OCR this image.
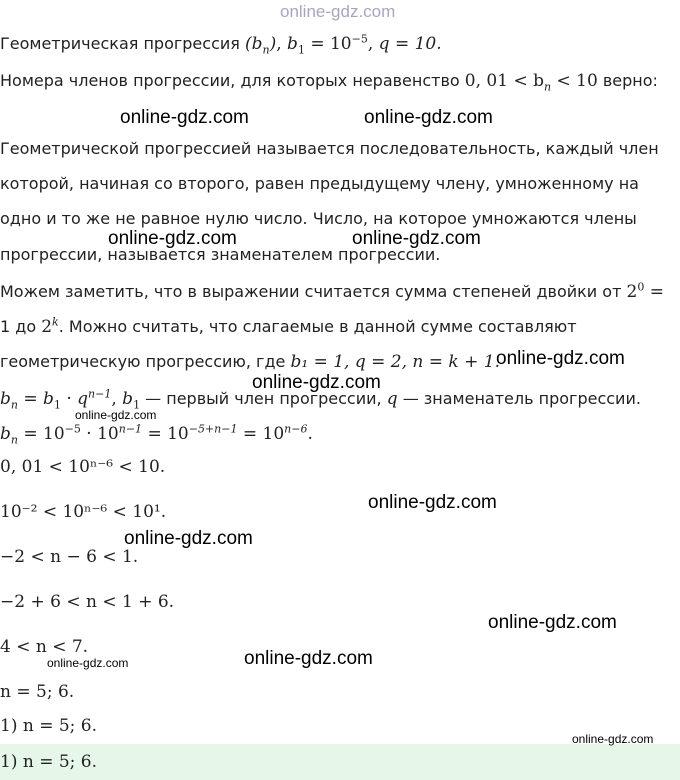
online-gdz.com
Геометрическая прогрессия $(b_n)$, $b_1 = 10^{-5}$, q = 10.
Номера членов прогрессии, для которых неравенство 0, $01 < b_n < 10$ верно:
Геометрической прогрессией называется последовательность, каждый член
которой, начиная со второго, равен предыдущему члену, умноженному на
одно и то же не равное нулю число. Число, на которое умножаются члены
прогрессии, называется знаменателем прогрессии.
Можем заметить, что в выражении считается сумма степеней двойки от $2^0$ =
1 до 2$^k$. Можно считать, что слагаемые в данной сумме составляют
геометрическую прогрессию, где b₁ = 1, q = 2, n = k + 1.
$b_n = b_1 \cdot q^{n-1}$, $b_1$ — первый член прогрессии, q — знаменатель прогрессии.
$b_n = 10^{-5} \cdot 10^{n-1} = 10^{-5+n-1} = 10^{n-6}$.
0, 01 < 10ⁿ⁻⁶ < 10.
10⁻² < 10ⁿ⁻⁶ < 10¹.
−2 < n − 6 < 1.
−2 + 6 < n < 1 + 6.
4 < n < 7.
n = 5; 6.
1) n = 5; 6.
1) n = 5; 6.
online-gdz.com	online-gdz.com
online-gdz.com	online-gdz.com
online-gdz.com
online-gdz.com
online-gdz.com
online-gdz.com
online-gdz.com
online-gdz.com
online-gdz.com
online-gdz.com
online-gdz.com
